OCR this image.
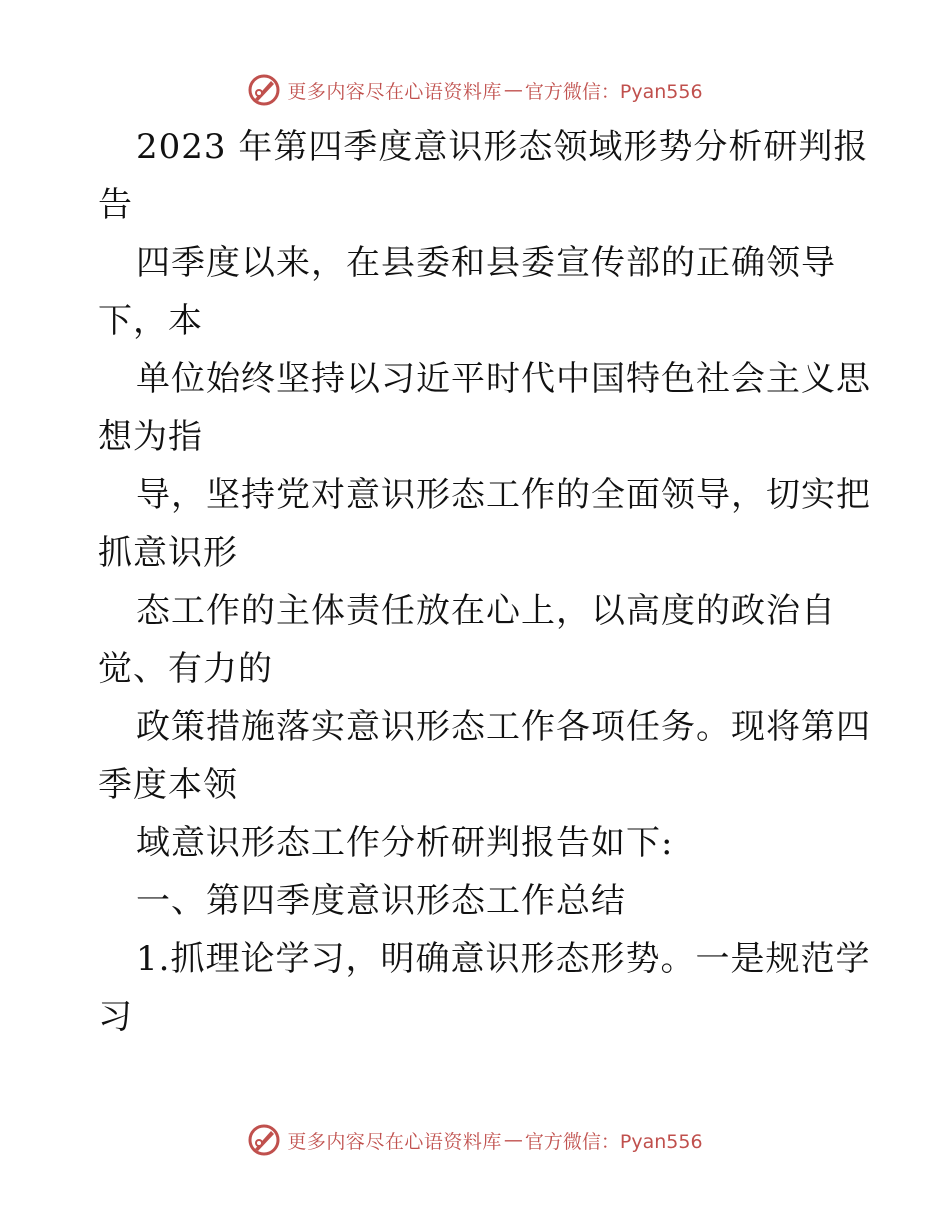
更多内容尽在心语资料库 — 官方微信：Pyan556
2023 年第四季度意识形态领域形势分析研判报
告
四季度以来，在县委和县委宣传部的正确领导
下，本
单位始终坚持以习近平时代中国特色社会主义思
想为指
导，坚持党对意识形态工作的全面领导，切实把
抓意识形
态工作的主体责任放在心上，以高度的政治自
觉、有力的
政策措施落实意识形态工作各项任务。现将第四
季度本领
域意识形态工作分析研判报告如下:
一、第四季度意识形态工作总结
1.抓理论学习，明确意识形态形势。一是规范学
习
更多内容尽在心语资料库 — 官方微信：Pyan556
